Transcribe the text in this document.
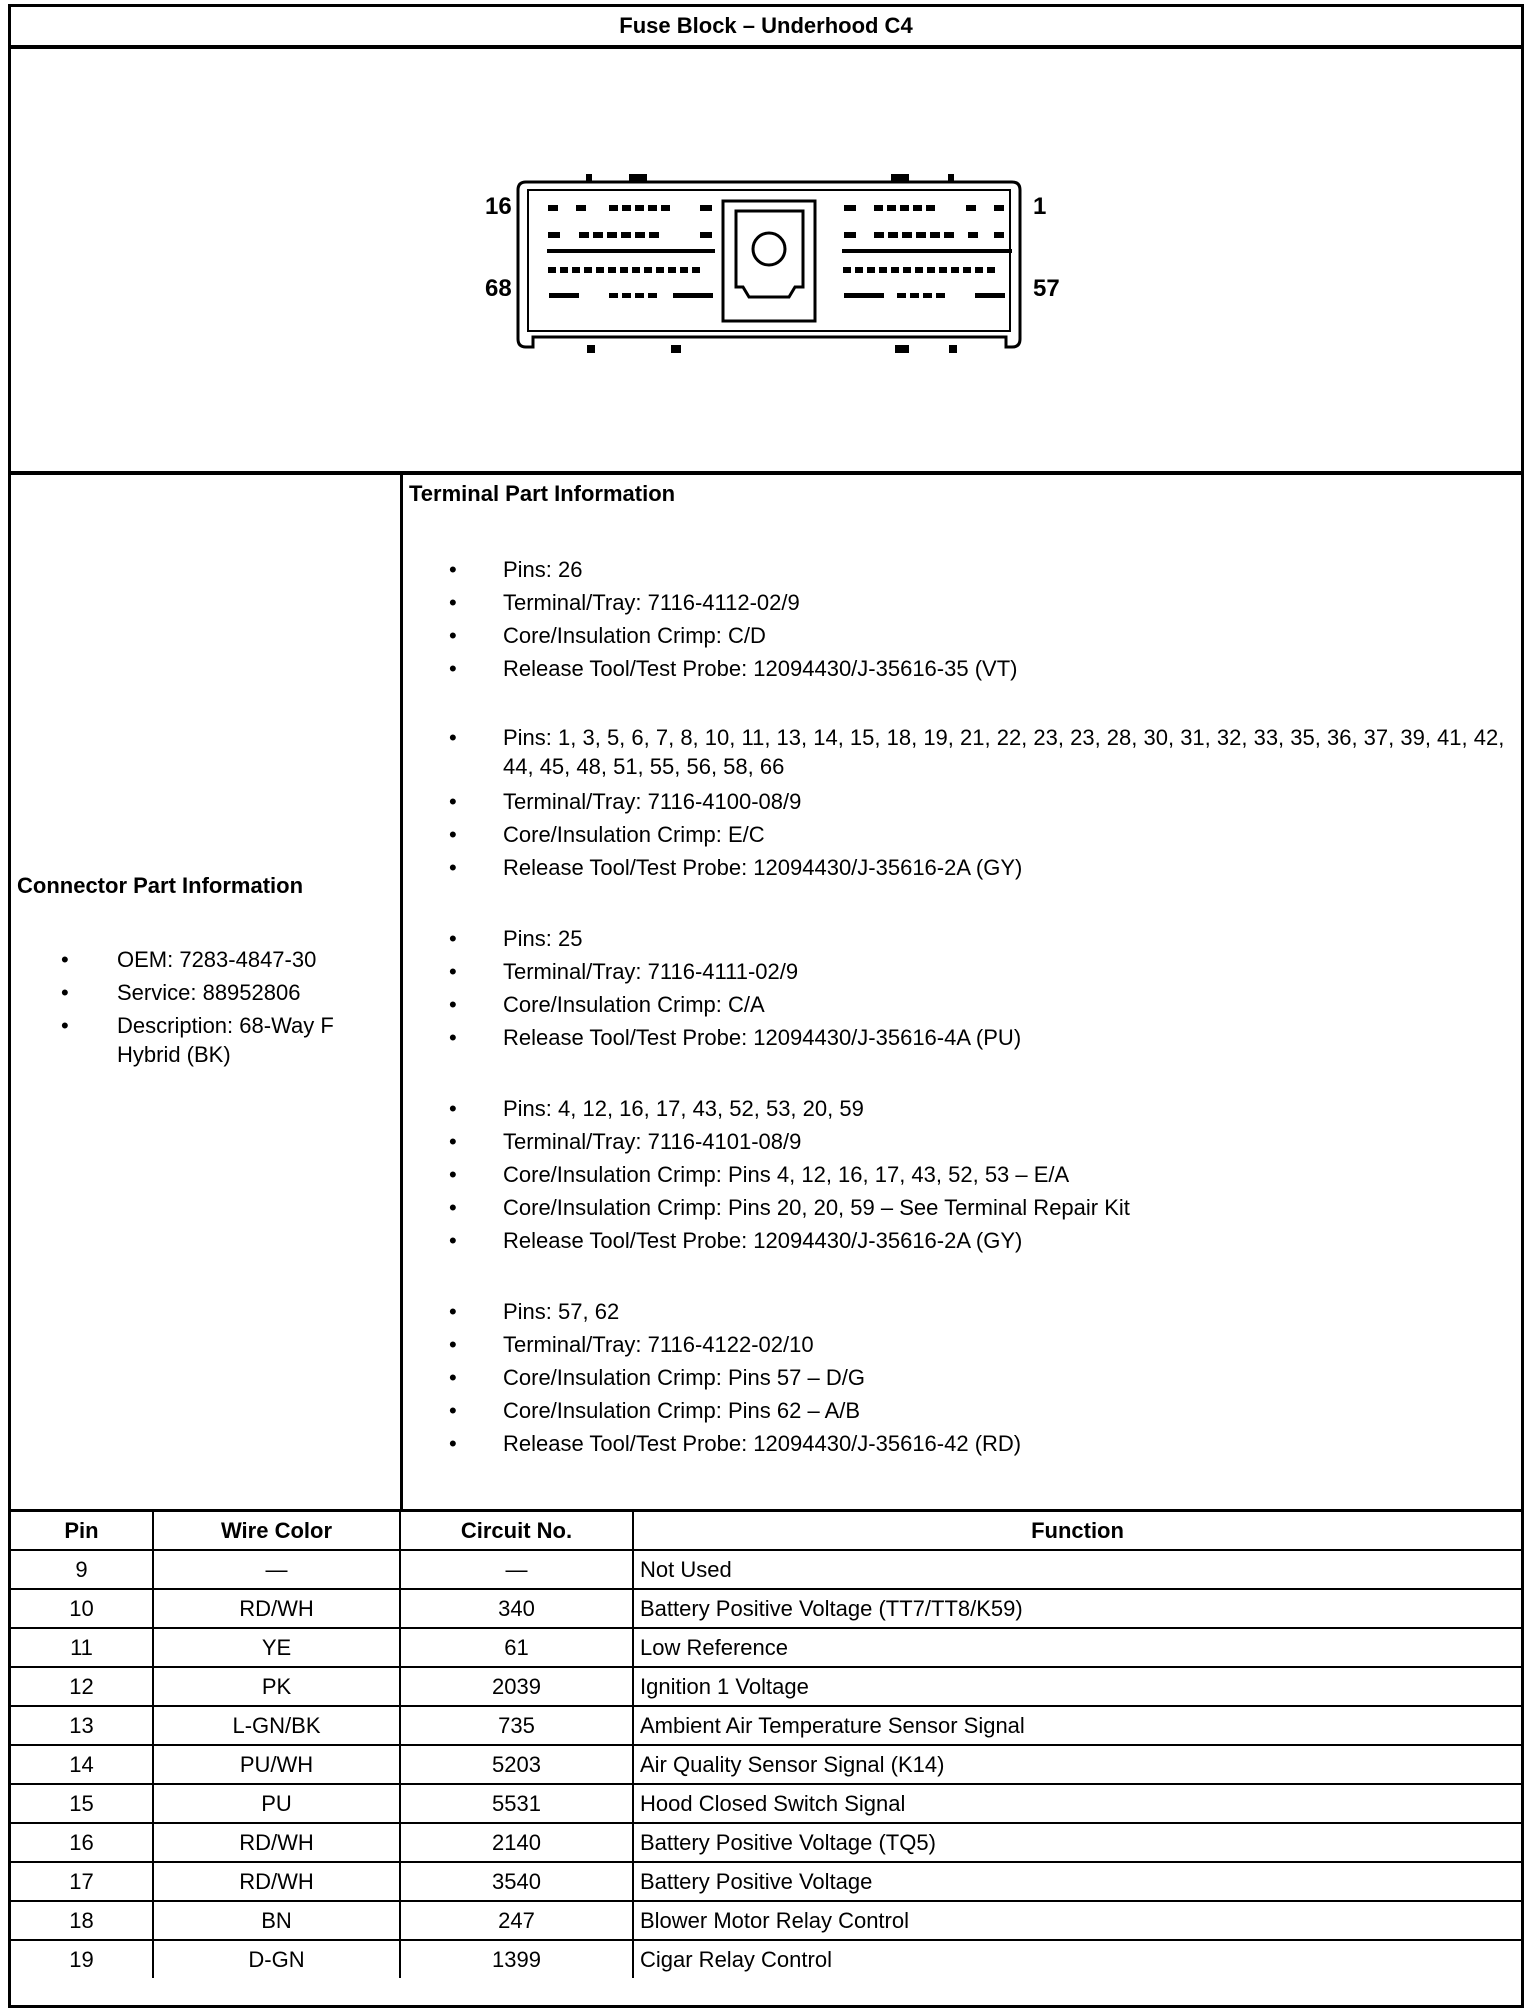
Fuse Block – Underhood C4
16	1
68	57
Connector Part Information
• OEM: 7283-4847-30
• Service: 88952806
• Description: 68-Way F Hybrid (BK)
Terminal Part Information
• Pins: 26
• Terminal/Tray: 7116-4112-02/9
• Core/Insulation Crimp: C/D
• Release Tool/Test Probe: 12094430/J-35616-35 (VT)
• Pins: 1, 3, 5, 6, 7, 8, 10, 11, 13, 14, 15, 18, 19, 21, 22, 23, 23, 28, 30, 31, 32, 33, 35, 36, 37, 39, 41, 42, 44, 45, 48, 51, 55, 56, 58, 66
• Terminal/Tray: 7116-4100-08/9
• Core/Insulation Crimp: E/C
• Release Tool/Test Probe: 12094430/J-35616-2A (GY)
• Pins: 25
• Terminal/Tray: 7116-4111-02/9
• Core/Insulation Crimp: C/A
• Release Tool/Test Probe: 12094430/J-35616-4A (PU)
• Pins: 4, 12, 16, 17, 43, 52, 53, 20, 59
• Terminal/Tray: 7116-4101-08/9
• Core/Insulation Crimp: Pins 4, 12, 16, 17, 43, 52, 53 – E/A
• Core/Insulation Crimp: Pins 20, 20, 59 – See Terminal Repair Kit
• Release Tool/Test Probe: 12094430/J-35616-2A (GY)
• Pins: 57, 62
• Terminal/Tray: 7116-4122-02/10
• Core/Insulation Crimp: Pins 57 – D/G
• Core/Insulation Crimp: Pins 62 – A/B
• Release Tool/Test Probe: 12094430/J-35616-42 (RD)
Pin	Wire Color	Circuit No.	Function
9	—	—	Not Used
10	RD/WH	340	Battery Positive Voltage (TT7/TT8/K59)
11	YE	61	Low Reference
12	PK	2039	Ignition 1 Voltage
13	L-GN/BK	735	Ambient Air Temperature Sensor Signal
14	PU/WH	5203	Air Quality Sensor Signal (K14)
15	PU	5531	Hood Closed Switch Signal
16	RD/WH	2140	Battery Positive Voltage (TQ5)
17	RD/WH	3540	Battery Positive Voltage
18	BN	247	Blower Motor Relay Control
19	D-GN	1399	Cigar Relay Control
